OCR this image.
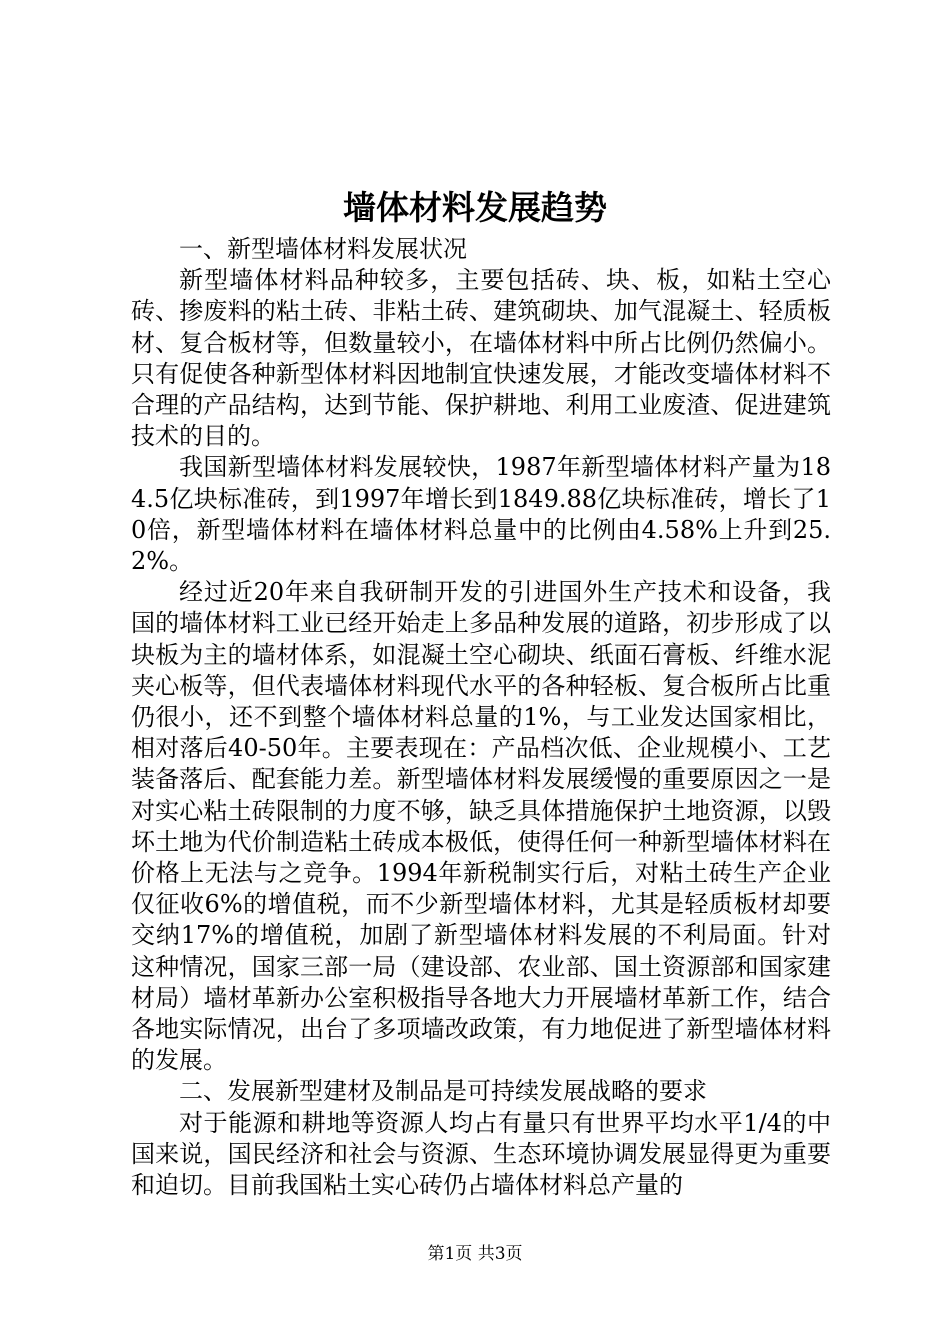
墙体材料发展趋势

一、新型墙体材料发展状况

新型墙体材料品种较多，主要包括砖、块、板，如粘土空心砖、掺废料的粘土砖、非粘土砖、建筑砌块、加气混凝土、轻质板材、复合板材等，但数量较小，在墙体材料中所占比例仍然偏小。只有促使各种新型体材料因地制宜快速发展，才能改变墙体材料不合理的产品结构，达到节能、保护耕地、利用工业废渣、促进建筑技术的目的。

我国新型墙体材料发展较快，1987年新型墙体材料产量为184.5亿块标准砖，到1997年增长到1849.88亿块标准砖，增长了10倍，新型墙体材料在墙体材料总量中的比例由4.58%上升到25.2%。

经过近20年来自我研制开发的引进国外生产技术和设备，我国的墙体材料工业已经开始走上多品种发展的道路，初步形成了以块板为主的墙材体系，如混凝土空心砌块、纸面石膏板、纤维水泥夹心板等，但代表墙体材料现代水平的各种轻板、复合板所占比重仍很小，还不到整个墙体材料总量的1%，与工业发达国家相比，相对落后40-50年。主要表现在：产品档次低、企业规模小、工艺装备落后、配套能力差。新型墙体材料发展缓慢的重要原因之一是对实心粘土砖限制的力度不够，缺乏具体措施保护土地资源，以毁坏土地为代价制造粘土砖成本极低，使得任何一种新型墙体材料在价格上无法与之竞争。1994年新税制实行后，对粘土砖生产企业仅征收6%的增值税，而不少新型墙体材料，尤其是轻质板材却要交纳17%的增值税，加剧了新型墙体材料发展的不利局面。针对这种情况，国家三部一局（建设部、农业部、国土资源部和国家建材局）墙材革新办公室积极指导各地大力开展墙材革新工作，结合各地实际情况，出台了多项墙改政策，有力地促进了新型墙体材料的发展。

二、发展新型建材及制品是可持续发展战略的要求

对于能源和耕地等资源人均占有量只有世界平均水平1/4的中国来说，国民经济和社会与资源、生态环境协调发展显得更为重要和迫切。目前我国粘土实心砖仍占墙体材料总产量的

第1页 共3页
